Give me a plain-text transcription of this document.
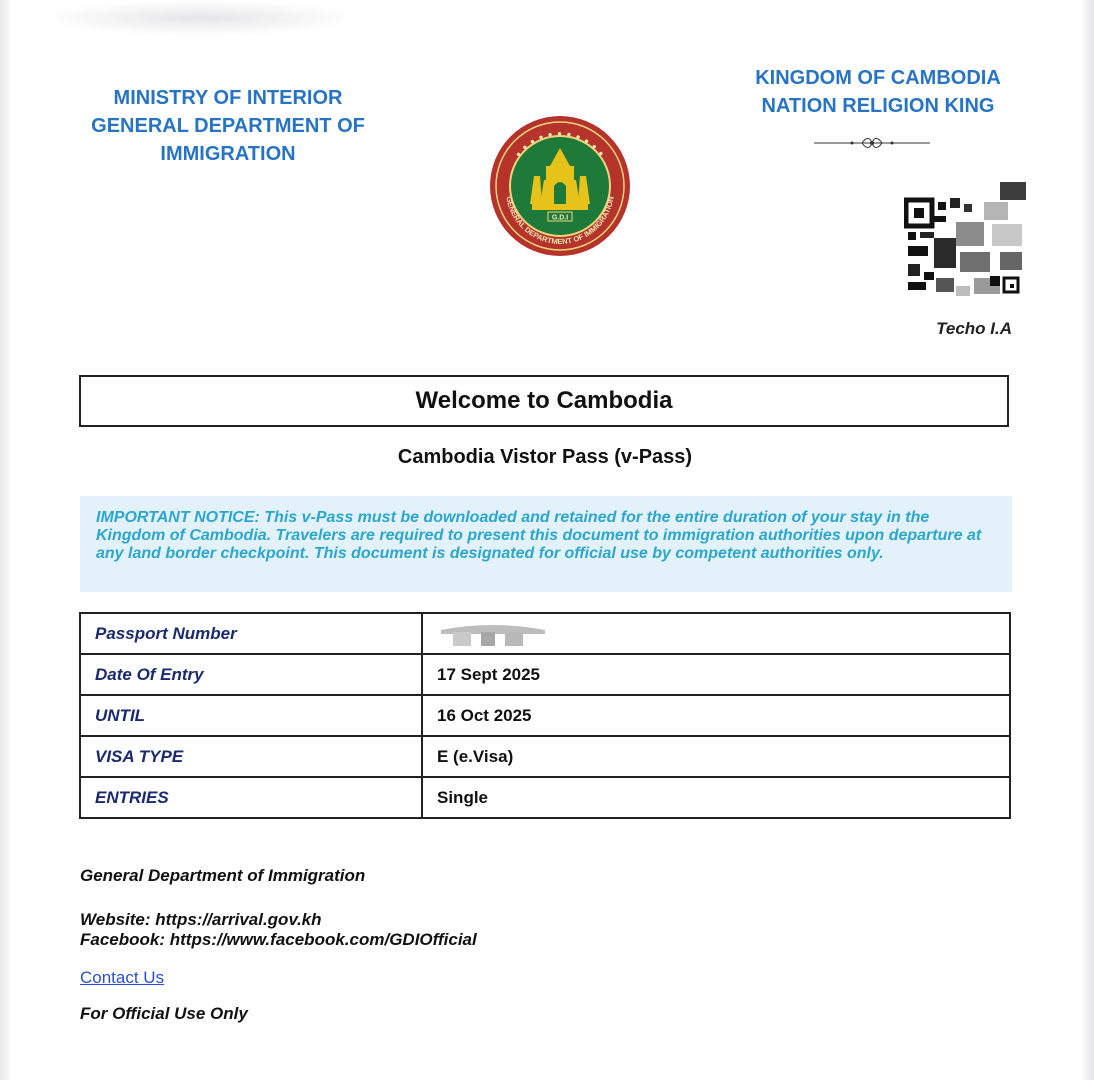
MINISTRY OF INTERIOR
GENERAL DEPARTMENT OF
IMMIGRATION
KINGDOM OF CAMBODIA
NATION RELIGION KING
● ● ● ● ● ● ● ● ● ● ●
GENERAL DEPARTMENT OF IMMIGRATION
G.D.I
Techo I.A
Welcome to Cambodia
Cambodia Vistor Pass (v-Pass)
IMPORTANT NOTICE: This v-Pass must be downloaded and retained for the entire duration of your stay in the Kingdom of Cambodia. Travelers are required to present this document to immigration authorities upon departure at any land border checkpoint. This document is designated for official use by competent authorities only.
Passport Number	
Date Of Entry	17 Sept 2025
UNTIL	16 Oct 2025
VISA TYPE	E (e.Visa)
ENTRIES	Single
General Department of Immigration
Website: https://arrival.gov.kh
Facebook: https://www.facebook.com/GDIOfficial
Contact Us
For Official Use Only
